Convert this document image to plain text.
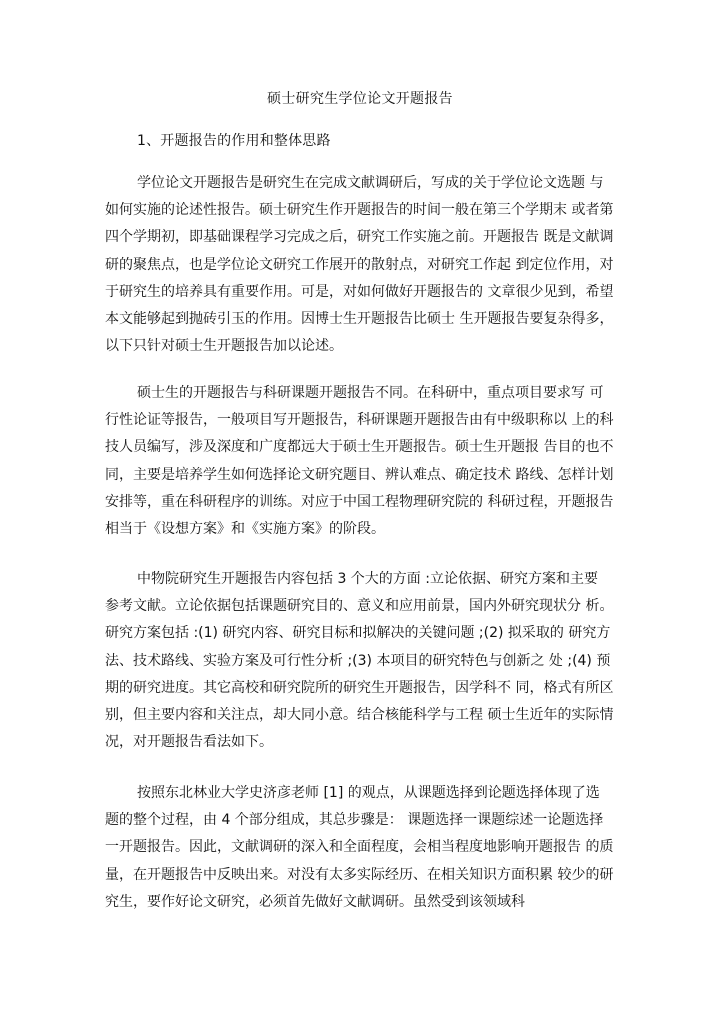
硕士研究生学位论文开题报告
1、开题报告的作用和整体思路
学位论文开题报告是研究生在完成文献调研后，写成的关于学位论文选题 与
如何实施的论述性报告。硕士研究生作开题报告的时间一般在第三个学期末 或者第
四个学期初，即基础课程学习完成之后，研究工作实施之前。开题报告 既是文献调
研的聚焦点，也是学位论文研究工作展开的散射点，对研究工作起 到定位作用，对
于研究生的培养具有重要作用。可是，对如何做好开题报告的 文章很少见到，希望
本文能够起到抛砖引玉的作用。因博士生开题报告比硕士 生开题报告要复杂得多，
以下只针对硕士生开题报告加以论述。
硕士生的开题报告与科研课题开题报告不同。在科研中，重点项目要求写 可
行性论证等报告，一般项目写开题报告，科研课题开题报告由有中级职称以 上的科
技人员编写，涉及深度和广度都远大于硕士生开题报告。硕士生开题报 告目的也不
同，主要是培养学生如何选择论文研究题目、辨认难点、确定技术 路线、怎样计划
安排等，重在科研程序的训练。对应于中国工程物理研究院的 科研过程，开题报告
相当于《设想方案》和《实施方案》的阶段。
中物院研究生开题报告内容包括 3 个大的方面 :立论依据、研究方案和主要
参考文献。立论依据包括课题研究目的、意义和应用前景，国内外研究现状分 析。
研究方案包括 :(1) 研究内容、研究目标和拟解决的关键问题 ;(2) 拟采取的 研究方
法、技术路线、实验方案及可行性分析 ;(3) 本项目的研究特色与创新之 处 ;(4) 预
期的研究进度。其它高校和研究院所的研究生开题报告，因学科不 同，格式有所区
别，但主要内容和关注点，却大同小意。结合核能科学与工程 硕士生近年的实际情
况，对开题报告看法如下。
按照东北林业大学史济彦老师 [1] 的观点，从课题选择到论题选择体现了选
题的整个过程，由 4 个部分组成，其总步骤是： 课题选择一课题综述一论题选择
一开题报告。因此，文献调研的深入和全面程度，会相当程度地影响开题报告 的质
量，在开题报告中反映出来。对没有太多实际经历、在相关知识方面积累 较少的研
究生，要作好论文研究，必须首先做好文献调研。虽然受到该领域科
